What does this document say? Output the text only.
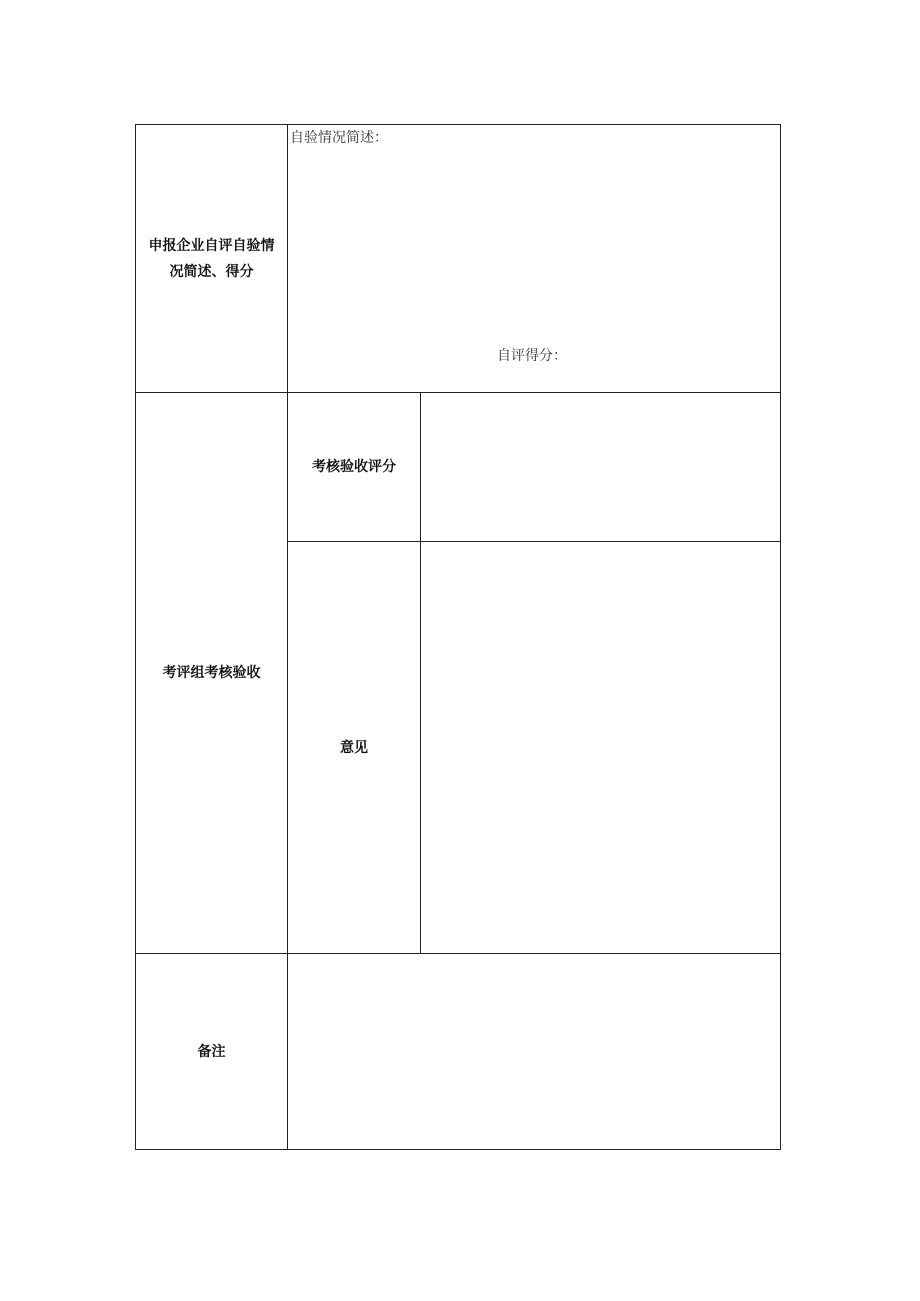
申报企业自评自验情况简述、得分
自验情况简述：
自评得分：
考评组考核验收
考核验收评分
意见
备注
